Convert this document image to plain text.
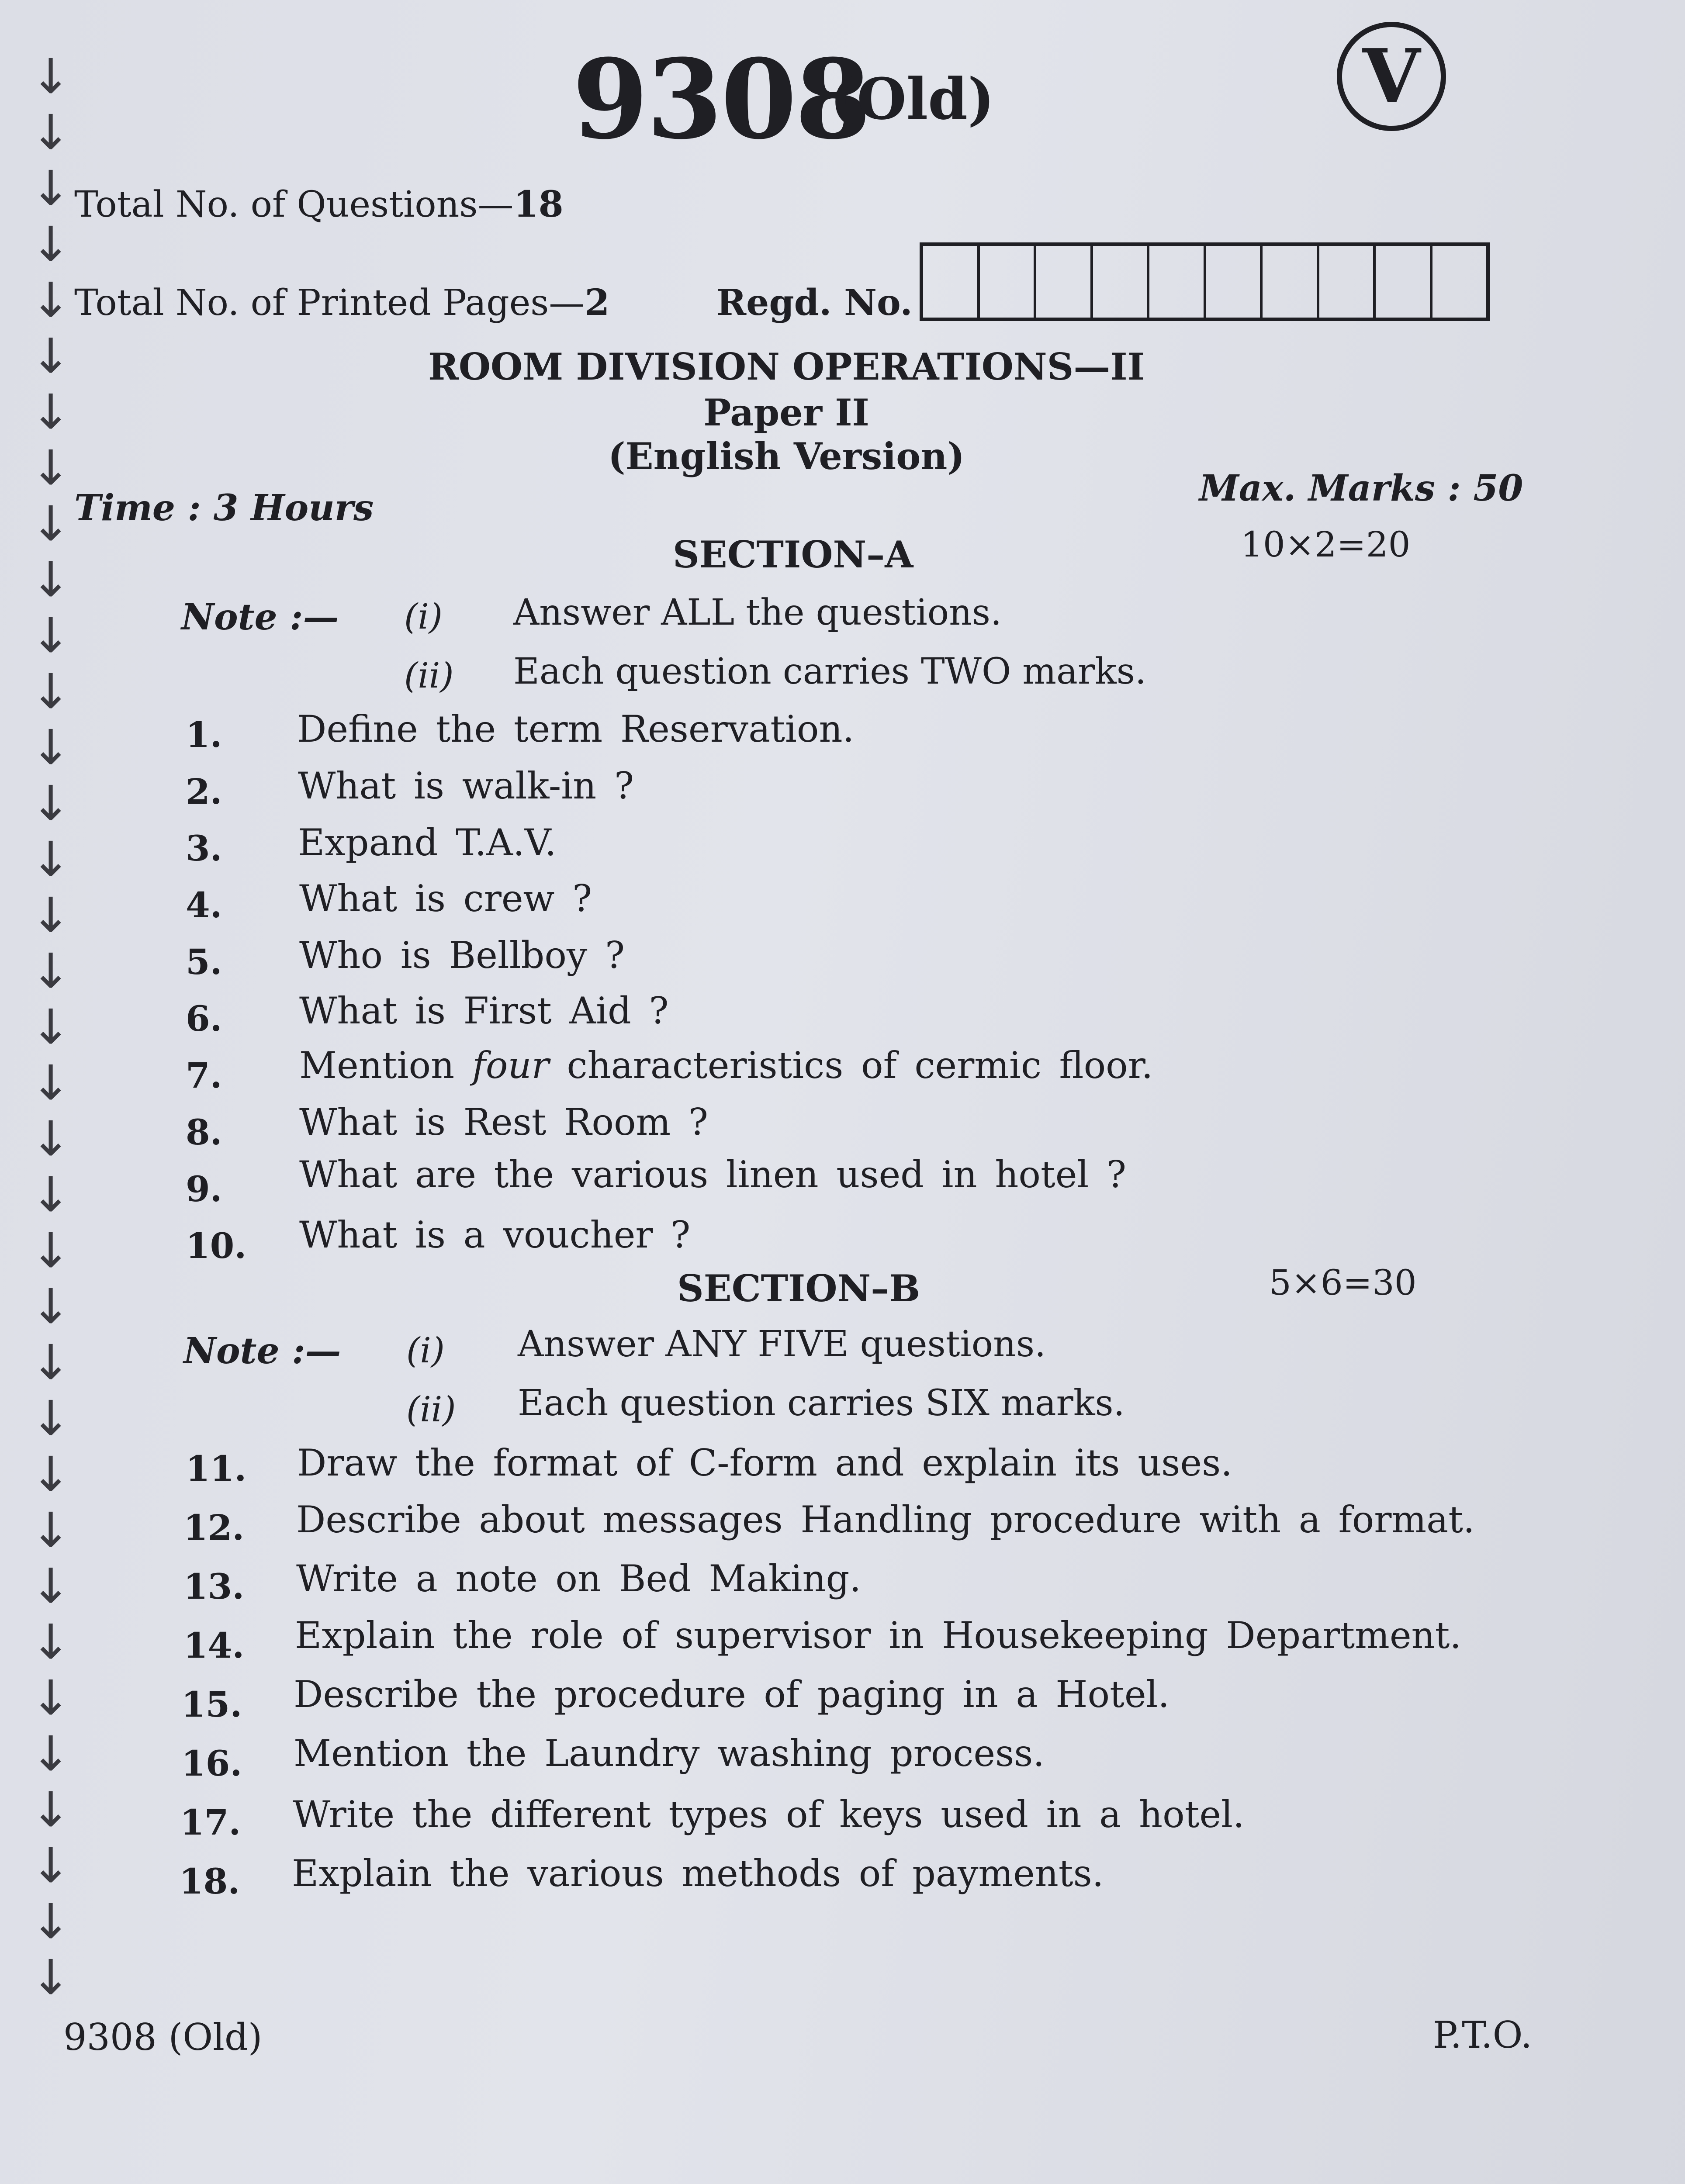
↓
↓
↓
↓
↓
↓
↓
↓
↓
↓
↓
↓
↓
↓
↓
↓
↓
↓
↓
↓
↓
↓
↓
↓
↓
↓
↓
↓
↓
↓
↓
↓
↓
↓
↓
9308
(Old)	V
Total No. of Questions—18
Total No. of Printed Pages—2	Regd. No.
ROOM DIVISION OPERATIONS—II
Paper II
(English Version)
Time : 3 Hours	Max. Marks : 50
SECTION–A	10×2=20
Note :— (i) Answer ALL the questions.
(ii) Each question carries TWO marks.
1. Define the term Reservation.
2. What is walk-in ?
3. Expand T.A.V.
4. What is crew ?
5. Who is Bellboy ?
6. What is First Aid ?
7. Mention four characteristics of cermic floor.
8. What is Rest Room ?
9. What are the various linen used in hotel ?
10. What is a voucher ?
SECTION–B	5×6=30
Note :— (i) Answer ANY FIVE questions.
(ii) Each question carries SIX marks.
11. Draw the format of C-form and explain its uses.
12. Describe about messages Handling procedure with a format.
13. Write a note on Bed Making.
14. Explain the role of supervisor in Housekeeping Department.
15. Describe the procedure of paging in a Hotel.
16. Mention the Laundry washing process.
17. Write the different types of keys used in a hotel.
18. Explain the various methods of payments.
9308 (Old)	P.T.O.
